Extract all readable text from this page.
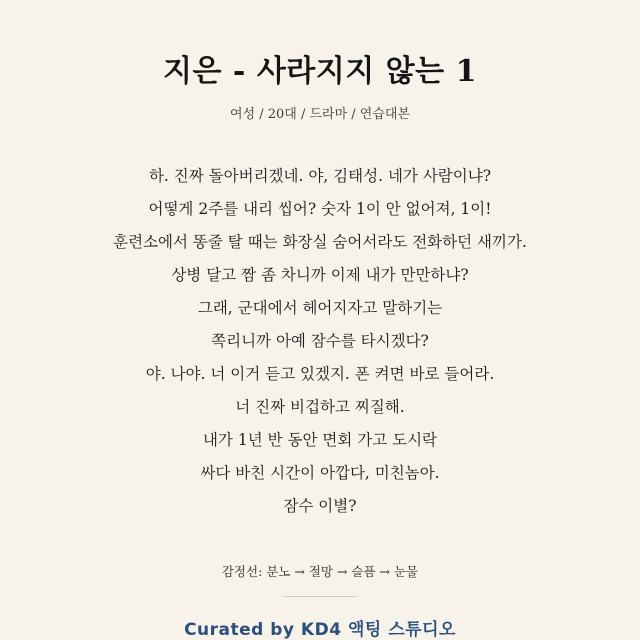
지은 - 사라지지 않는 1
여성 / 20대 / 드라마 / 연습대본
하. 진짜 돌아버리겠네. 야, 김태성. 네가 사람이냐?
어떻게 2주를 내리 씹어? 숫자 1이 안 없어져, 1이!
훈련소에서 똥줄 탈 때는 화장실 숨어서라도 전화하던 새끼가.
상병 달고 짬 좀 차니까 이제 내가 만만하냐?
그래, 군대에서 헤어지자고 말하기는
쪽리니까 아예 잠수를 타시겠다?
야. 나야. 너 이거 듣고 있겠지. 폰 켜면 바로 들어라.
너 진짜 비겁하고 찌질해.
내가 1년 반 동안 면회 가고 도시락
싸다 바친 시간이 아깝다, 미친놈아.
잠수 이별?
감정선: 분노 → 절망 → 슬픔 → 눈물
Curated by KD4 액팅 스튜디오
